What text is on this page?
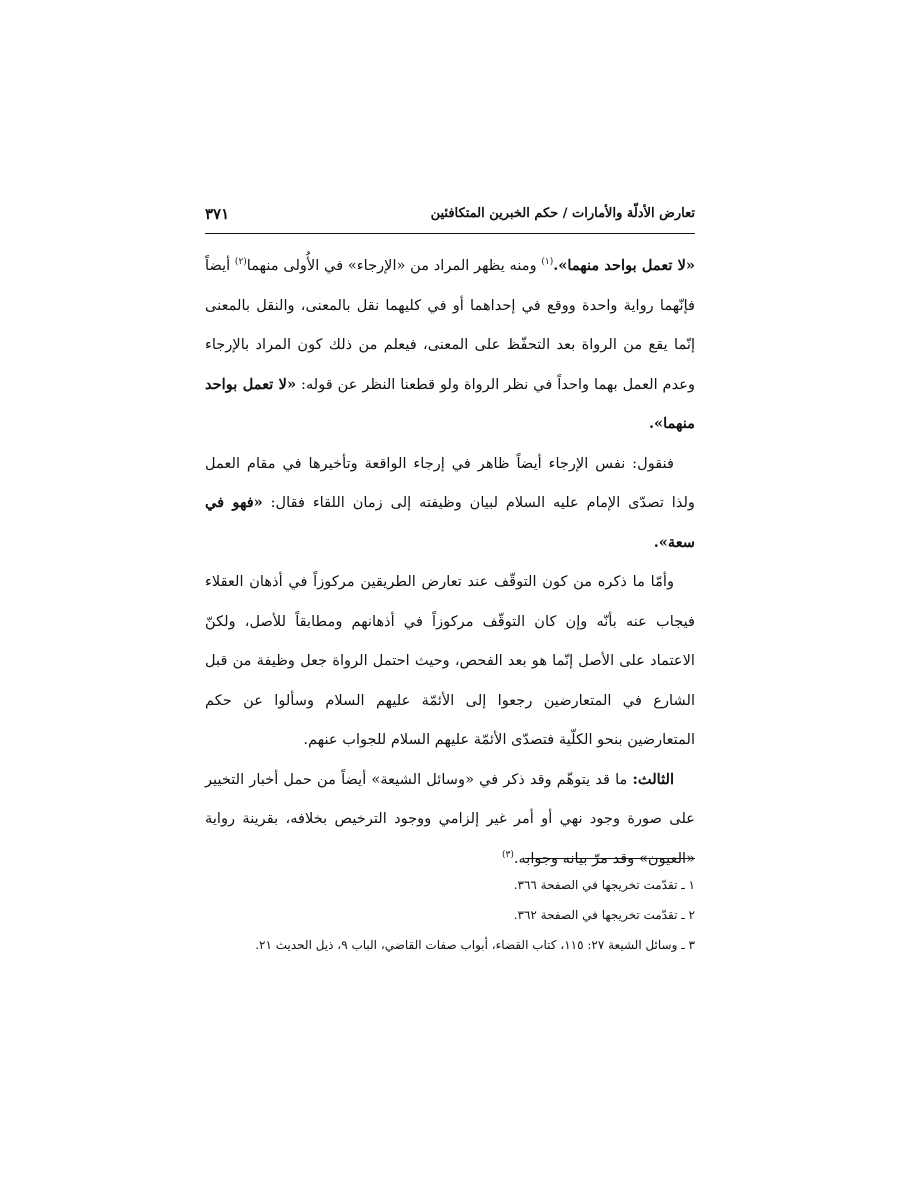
تعارض الأدلّة والأمارات / حكم الخبرين المتكافئين
٣٧١

«لا تعمل بواحد منهما».$^{(١)}$ ومنه يظهر المراد من «الإرجاء» في الأُولى منهما$^{(٢)}$ أيضاً فإنّهما رواية واحدة ووقع في إحداهما أو في كليهما نقل بالمعنى، والنقل بالمعنى إنّما يقع من الرواة بعد التحفّظ على المعنى، فيعلم من ذلك كون المراد بالإرجاء وعدم العمل بهما واحداً في نظر الرواة ولو قطعنا النظر عن قوله: «لا تعمل بواحد منهما».

فنقول: نفس الإرجاء أيضاً ظاهر في إرجاء الواقعة وتأخيرها في مقام العمل ولذا تصدّى الإمام عليه السلام لبيان وظيفته إلى زمان اللقاء فقال: «فهو في سعة».

وأمّا ما ذكره من كون التوقّف عند تعارض الطريقين مركوزاً في أذهان العقلاء فيجاب عنه بأنّه وإن كان التوقّف مركوزاً في أذهانهم ومطابقاً للأصل، ولكنّ الاعتماد على الأصل إنّما هو بعد الفحص، وحيث احتمل الرواة جعل وظيفة من قبل الشارع في المتعارضين رجعوا إلى الأئمّة عليهم السلام وسألوا عن حكم المتعارضين بنحو الكلّية فتصدّى الأئمّة عليهم السلام للجواب عنهم.

الثالث: ما قد يتوهّم وقد ذكر في «وسائل الشيعة» أيضاً من حمل أخبار التخيير على صورة وجود نهي أو أمر غير إلزامي ووجود الترخيص بخلافه، بقرينة رواية «العيون» وقد مرّ بيانه وجوابه.$^{(٣)}$

١ ـ تقدّمت تخريجها في الصفحة ٣٦٦.

٢ ـ تقدّمت تخريجها في الصفحة ٣٦٢.

٣ ـ وسائل الشيعة ٢٧: ١١٥، كتاب القضاء، أبواب صفات القاضي، الباب ٩، ذيل الحديث ٢١.
